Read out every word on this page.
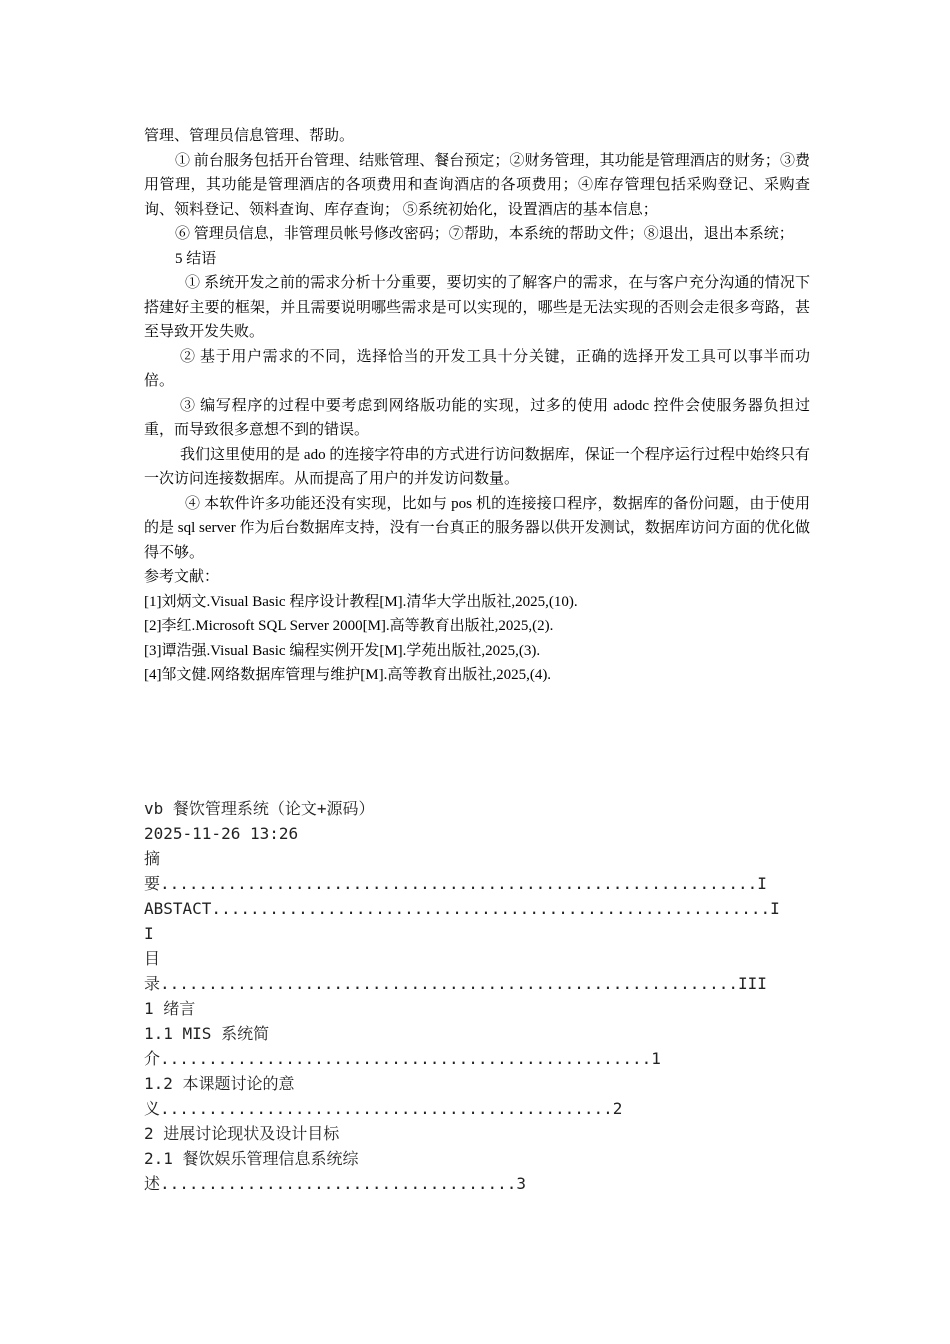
管理、管理员信息管理、帮助。

① 前台服务包括开台管理、结账管理、餐台预定；②财务管理，其功能是管理酒店的财务；③费用管理，其功能是管理酒店的各项费用和查询酒店的各项费用；④库存管理包括采购登记、采购查询、领料登记、领料查询、库存查询； ⑤系统初始化，设置酒店的基本信息；

⑥ 管理员信息，非管理员帐号修改密码；⑦帮助，本系统的帮助文件；⑧退出，退出本系统；

5 结语

① 系统开发之前的需求分析十分重要，要切实的了解客户的需求，在与客户充分沟通的情况下搭建好主要的框架，并且需要说明哪些需求是可以实现的，哪些是无法实现的否则会走很多弯路，甚至导致开发失败。

② 基于用户需求的不同，选择恰当的开发工具十分关键，正确的选择开发工具可以事半而功倍。

③ 编写程序的过程中要考虑到网络版功能的实现，过多的使用 adodc 控件会使服务器负担过重，而导致很多意想不到的错误。

我们这里使用的是 ado 的连接字符串的方式进行访问数据库，保证一个程序运行过程中始终只有一次访问连接数据库。从而提高了用户的并发访问数量。

④ 本软件许多功能还没有实现，比如与 pos 机的连接接口程序，数据库的备份问题，由于使用的是 sql server 作为后台数据库支持，没有一台真正的服务器以供开发测试，数据库访问方面的优化做得不够。

参考文献：

[1]刘炳文.Visual Basic 程序设计教程[M].清华大学出版社,2025,(10).

[2]李红.Microsoft SQL Server 2000[M].高等教育出版社,2025,(2).

[3]谭浩强.Visual Basic 编程实例开发[M].学苑出版社,2025,(3).

[4]邹文健.网络数据库管理与维护[M].高等教育出版社,2025,(4).

vb 餐饮管理系统（论文+源码）
2025-11-26 13:26
摘
要..............................................................I
ABSTACT..........................................................I
I
目
录............................................................III
1 绪言
1.1 MIS 系统简
介...................................................1
1.2 本课题讨论的意
义...............................................2
2 进展讨论现状及设计目标
2.1 餐饮娱乐管理信息系统综
述.....................................3
